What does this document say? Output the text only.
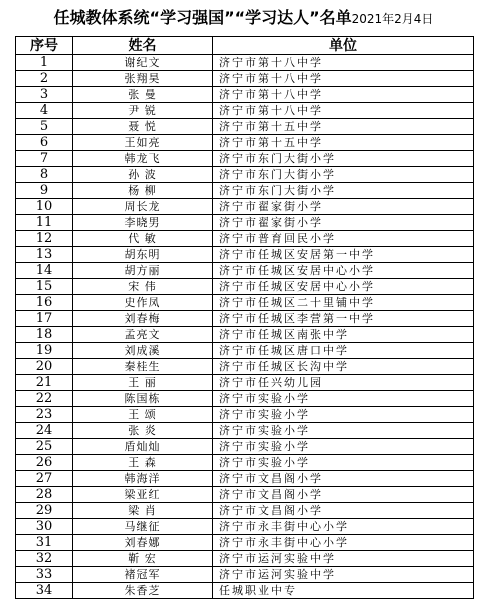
任城教体系统“学习强国”“学习达人”名单2021年2月4日
序号	姓名	单位
1	谢纪文	济宁市第十八中学
2	张翔昊	济宁市第十八中学
3	张 曼	济宁市第十八中学
4	尹 锐	济宁市第十八中学
5	聂 悦	济宁市第十五中学
6	王如亮	济宁市第十五中学
7	韩龙飞	济宁市东门大街小学
8	孙 波	济宁市东门大街小学
9	杨 柳	济宁市东门大街小学
10	周长龙	济宁市翟家街小学
11	李晓男	济宁市翟家街小学
12	代 敏	济宁市普育回民小学
13	胡东明	济宁市任城区安居第一中学
14	胡方丽	济宁市任城区安居中心小学
15	宋 伟	济宁市任城区安居中心小学
16	史作凤	济宁市任城区二十里铺中学
17	刘春梅	济宁市任城区李营第一中学
18	孟亮文	济宁市任城区南张中学
19	刘成溪	济宁市任城区唐口中学
20	秦桂生	济宁市任城区长沟中学
21	王 丽	济宁市任兴幼儿园
22	陈国栋	济宁市实验小学
23	王 颂	济宁市实验小学
24	张 炎	济宁市实验小学
25	盾灿灿	济宁市实验小学
26	王 森	济宁市实验小学
27	韩海洋	济宁市文昌阁小学
28	梁亚红	济宁市文昌阁小学
29	梁 肖	济宁市文昌阁小学
30	马继征	济宁市永丰街中心小学
31	刘春娜	济宁市永丰街中心小学
32	靳 宏	济宁市运河实验中学
33	褚冠军	济宁市运河实验中学
34	朱香芝	任城职业中专
